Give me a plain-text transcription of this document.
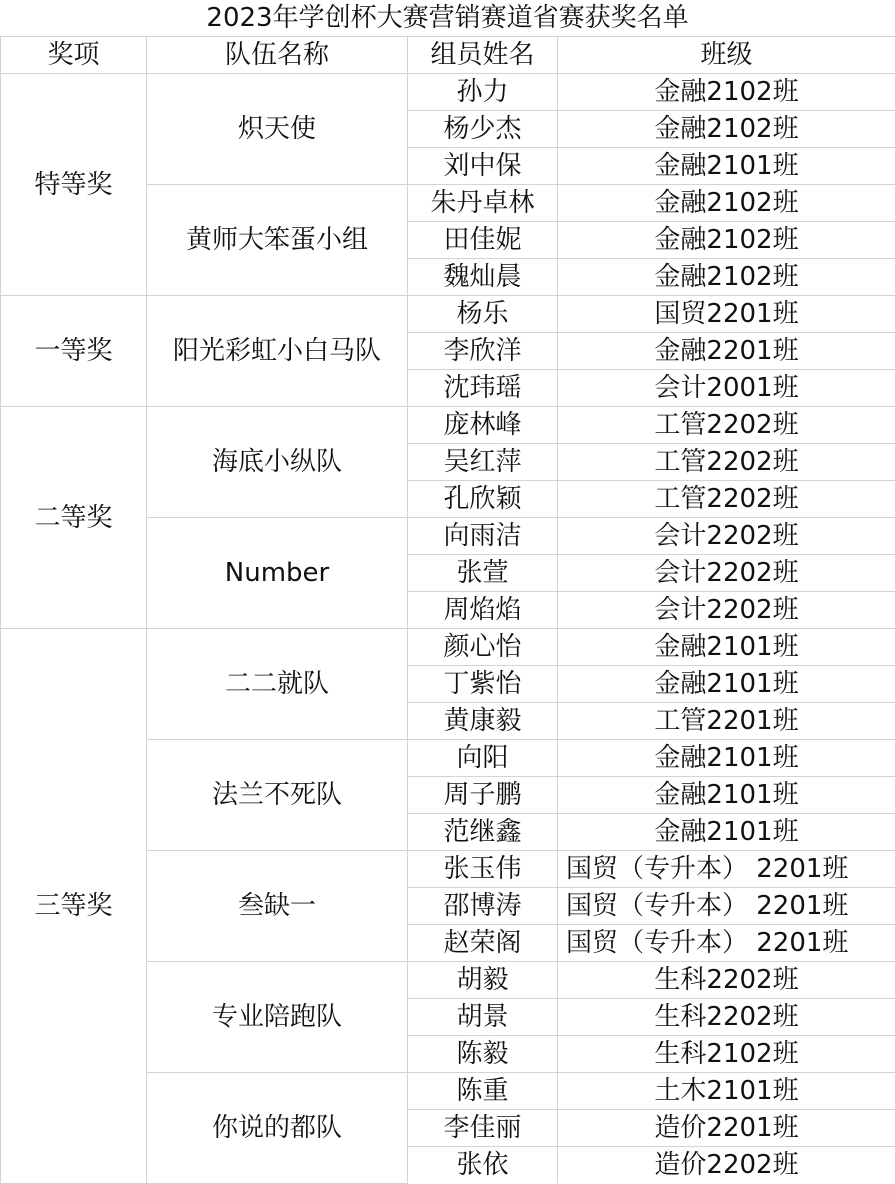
2023年学创杯大赛营销赛道省赛获奖名单
奖项	队伍名称	组员姓名	班级
特等奖	炽天使	孙力	金融2102班
		杨少杰	金融2102班
		刘中保	金融2101班
	黄师大笨蛋小组	朱丹卓林	金融2102班
		田佳妮	金融2102班
		魏灿晨	金融2102班
一等奖	阳光彩虹小白马队	杨乐	国贸2201班
		李欣洋	金融2201班
		沈玮瑶	会计2001班
二等奖	海底小纵队	庞林峰	工管2202班
		吴红萍	工管2202班
		孔欣颖	工管2202班
	Number	向雨洁	会计2202班
		张萱	会计2202班
		周焰焰	会计2202班
三等奖	二二就队	颜心怡	金融2101班
		丁紫怡	金融2101班
		黄康毅	工管2201班
	法兰不死队	向阳	金融2101班
		周子鹏	金融2101班
		范继鑫	金融2101班
	叁缺一	张玉伟	国贸（专升本） 2201班
		邵博涛	国贸（专升本） 2201班
		赵荣阁	国贸（专升本） 2201班
	专业陪跑队	胡毅	生科2202班
		胡景	生科2202班
		陈毅	生科2102班
	你说的都队	陈重	土木2101班
		李佳丽	造价2201班
		张依	造价2202班
